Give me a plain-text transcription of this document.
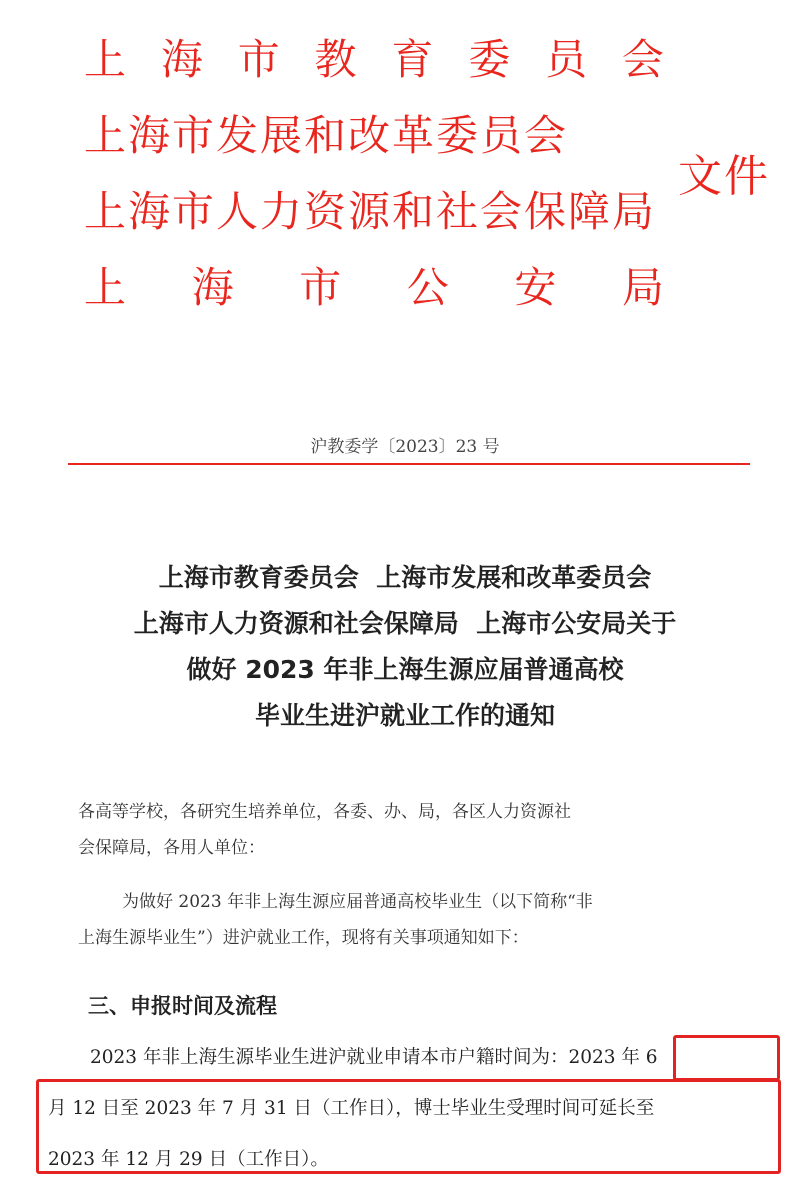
上 海 市 教 育 委 员 会
上海市发展和改革委员会
上海市人力资源和社会保障局
上 海 市 公 安 局
文件
沪教委学〔2023〕23 号
上海市教育委员会  上海市发展和改革委员会
上海市人力资源和社会保障局  上海市公安局关于
做好 2023 年非上海生源应届普通高校
毕业生进沪就业工作的通知
各高等学校，各研究生培养单位，各委、办、局，各区人力资源社
会保障局，各用人单位：
为做好 2023 年非上海生源应届普通高校毕业生（以下简称“非
上海生源毕业生”）进沪就业工作，现将有关事项通知如下：
三、申报时间及流程
2023 年非上海生源毕业生进沪就业申请本市户籍时间为：2023 年 6
月 12 日至 2023 年 7 月 31 日（工作日），博士毕业生受理时间可延长至
2023 年 12 月 29 日（工作日）。
